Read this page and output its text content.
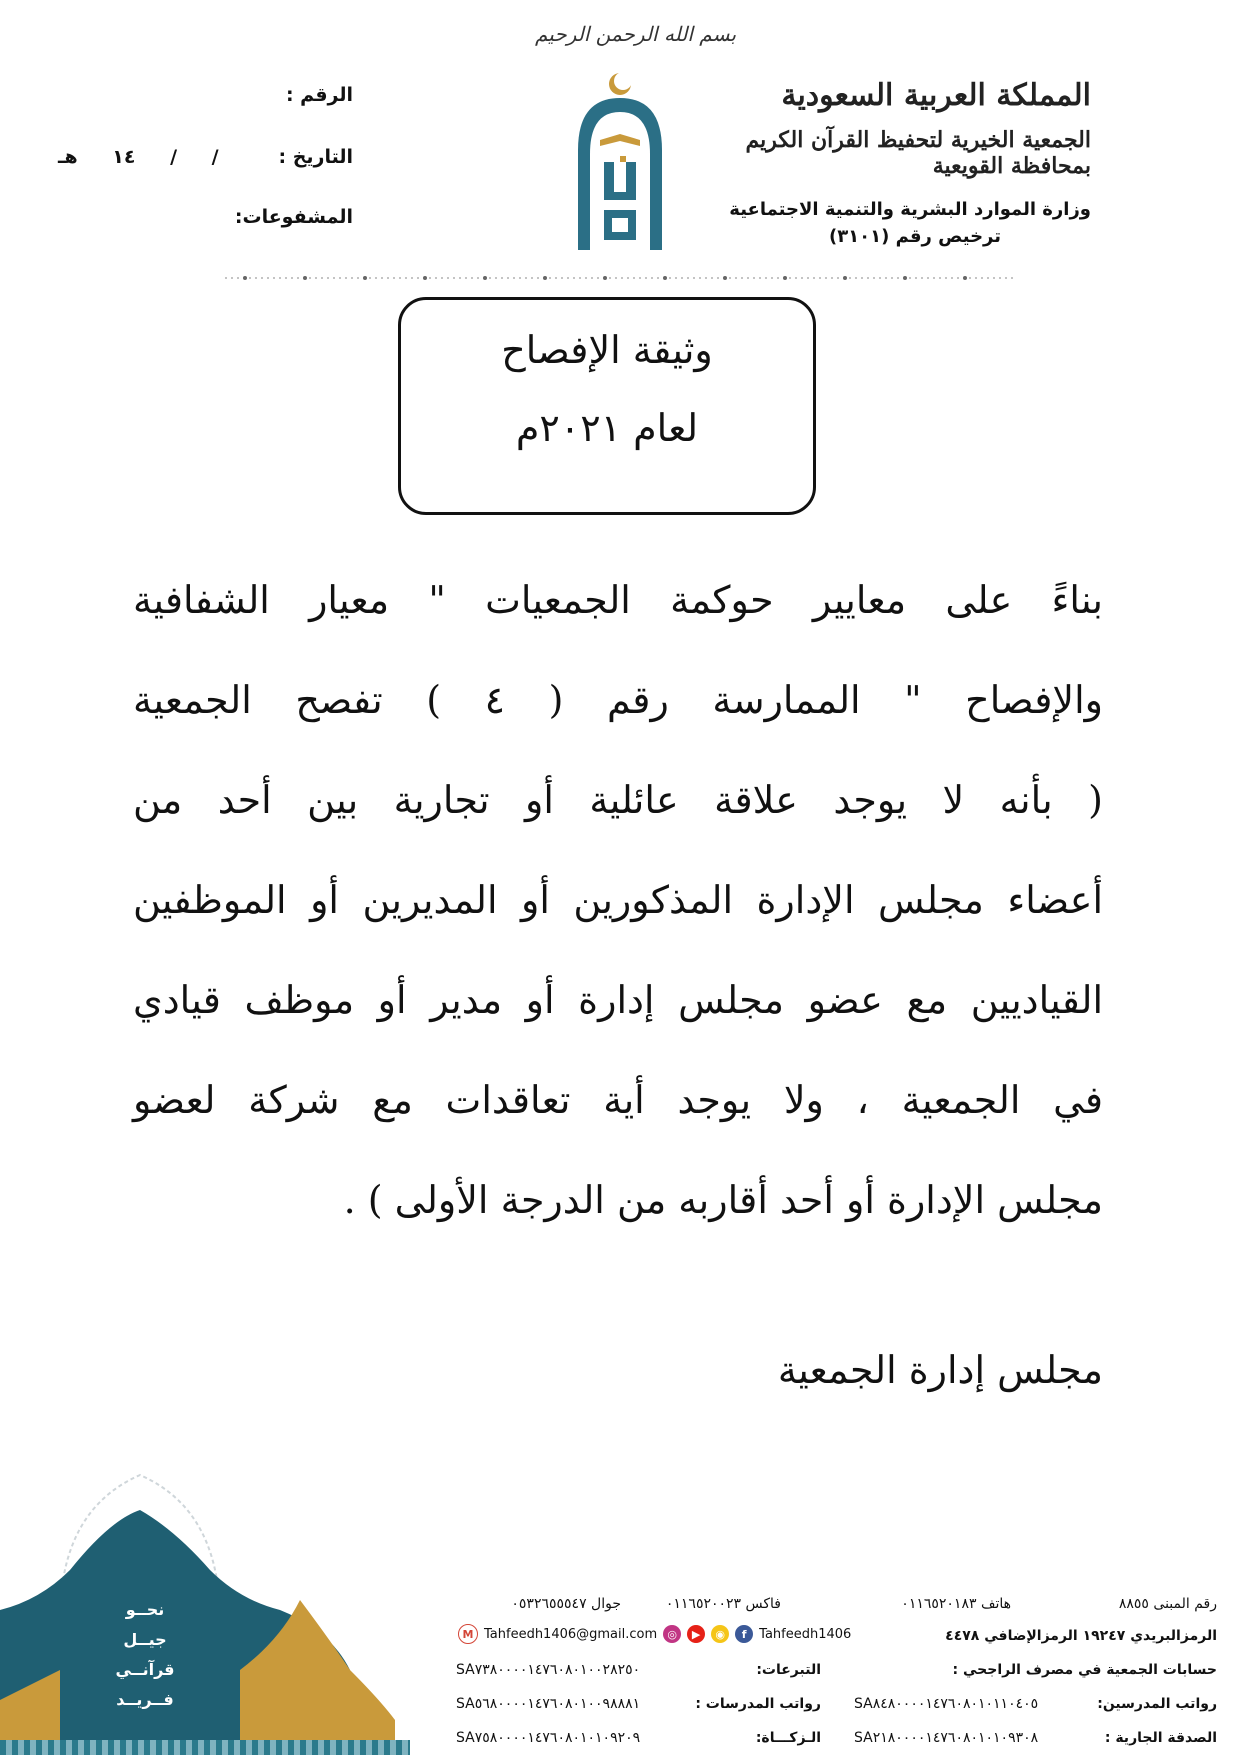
بسم الله الرحمن الرحيم
المملكة العربية السعودية
الجمعية الخيرية لتحفيظ القرآن الكريم بمحافظة القويعية
وزارة الموارد البشرية والتنمية الاجتماعية
ترخيص رقم (٣١٠١)
الرقم :
التاريخ :
/ / ١٤ هـ
المشفوعات:
وثيقة الإفصاح
لعام ٢٠٢١م
بناءً على معايير حوكمة الجمعيات " معيار الشفافية
والإفصاح " الممارسة رقم ( ٤ ) تفصح الجمعية
( بأنه لا يوجد علاقة عائلية أو تجارية بين أحد من
أعضاء مجلس الإدارة المذكورين أو المديرين أو الموظفين
القياديين مع عضو مجلس إدارة أو مدير أو موظف قيادي
في الجمعية ، ولا يوجد أية تعاقدات مع شركة لعضو
مجلس الإدارة أو أحد أقاربه من الدرجة الأولى ) .
مجلس إدارة الجمعية
نحــو
جيــل
قرآنــي
فــريــد
رقم المبنى ٨٨٥٥
هاتف ٠١١٦٥٢٠١٨٣
فاكس ٠١١٦٥٢٠٠٢٣
جوال ٠٥٣٢٦٥٥٥٤٧
الرمزالبريدي ١٩٢٤٧ الرمزالإضافي ٤٤٧٨
M Tahfeedh1406@gmail.com ◎	▶	◉	f Tahfeedh1406
حسابات الجمعية في مصرف الراجحي :
التبرعات:
SA٧٣٨٠٠٠٠١٤٧٦٠٨٠١٠٠٢٨٢٥٠
رواتب المدرسين:
SA٨٤٨٠٠٠٠١٤٧٦٠٨٠١٠١١٠٤٠٥
رواتب المدرسات :
SA٥٦٨٠٠٠٠١٤٧٦٠٨٠١٠٠٩٨٨٨١
الصدقة الجارية :
SA٢١٨٠٠٠٠١٤٧٦٠٨٠١٠١٠٩٣٠٨
الـزكـــاة:
SA٧٥٨٠٠٠٠١٤٧٦٠٨٠١٠١٠٩٢٠٩
